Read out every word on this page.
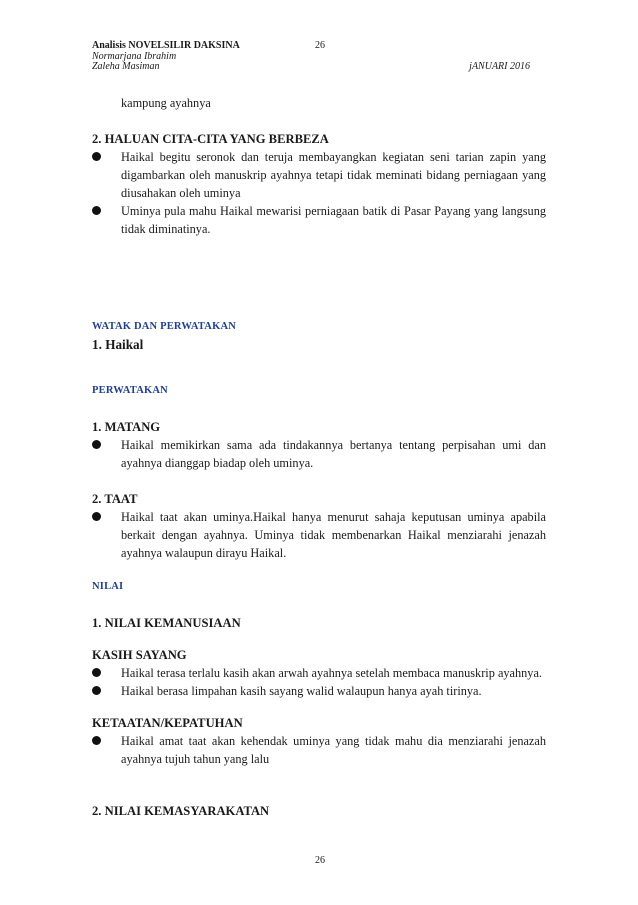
Analisis NOVELSILIR DAKSINA	26
Normarjana Ibrahim
Zaleha Masiman	jANUARI 2016
kampung ayahnya
2. HALUAN CITA-CITA YANG BERBEZA
Haikal begitu seronok dan teruja membayangkan kegiatan seni tarian zapin yang digambarkan oleh manuskrip ayahnya tetapi tidak meminati bidang perniagaan yang diusahakan oleh uminya
Uminya pula mahu Haikal mewarisi perniagaan batik di Pasar Payang yang langsung tidak diminatinya.
WATAK DAN PERWATAKAN
1. Haikal
PERWATAKAN
1. MATANG
Haikal memikirkan sama ada tindakannya bertanya tentang perpisahan umi dan ayahnya dianggap biadap oleh uminya.
2. TAAT
Haikal taat akan uminya.Haikal hanya menurut sahaja keputusan uminya apabila berkait dengan ayahnya. Uminya tidak membenarkan Haikal menziarahi jenazah ayahnya walaupun dirayu Haikal.
NILAI
1. NILAI KEMANUSIAAN
KASIH SAYANG
Haikal terasa terlalu kasih akan arwah ayahnya setelah membaca manuskrip ayahnya.
Haikal berasa limpahan kasih sayang walid walaupun hanya ayah tirinya.
KETAATAN/KEPATUHAN
Haikal amat taat akan kehendak uminya yang tidak mahu dia menziarahi jenazah ayahnya tujuh tahun yang lalu
2. NILAI KEMASYARAKATAN
26
